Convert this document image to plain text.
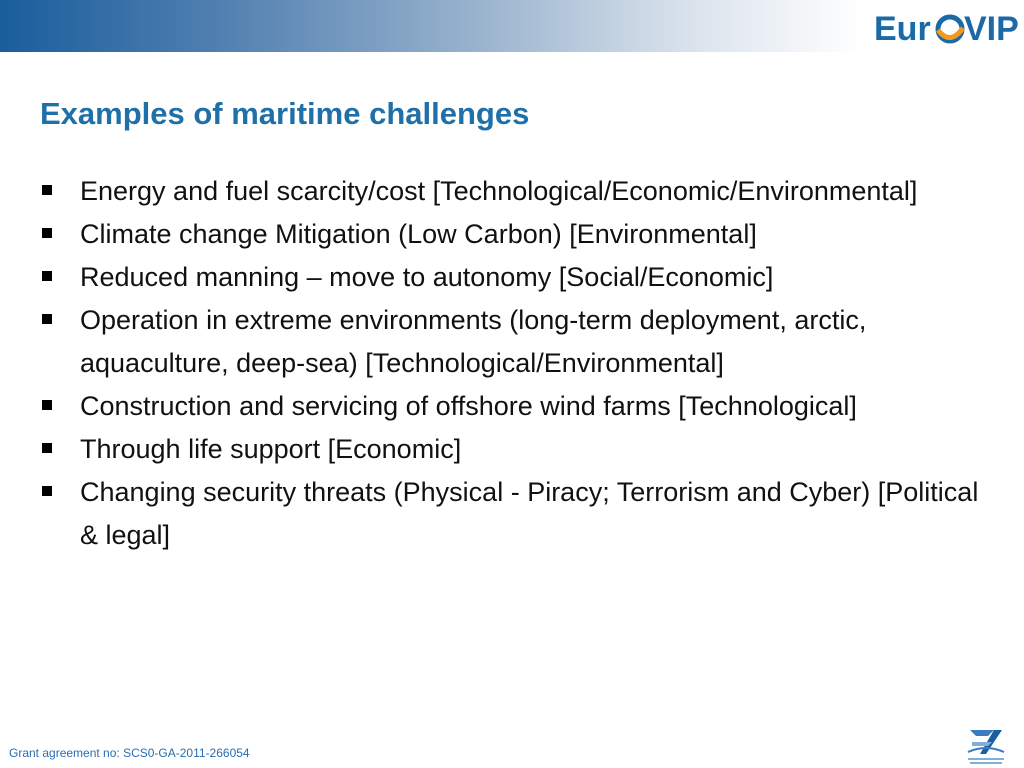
Eur VIP
Examples of maritime challenges
Energy and fuel scarcity/cost [Technological/Economic/Environmental]
Climate change Mitigation (Low Carbon) [Environmental]
Reduced manning – move to autonomy [Social/Economic]
Operation in extreme environments (long-term deployment, arctic, aquaculture, deep-sea) [Technological/Environmental]
Construction and servicing of offshore wind farms [Technological]
Through life support [Economic]
Changing security threats (Physical - Piracy; Terrorism and Cyber) [Political & legal]
Grant agreement no: SCS0-GA-2011-266054
